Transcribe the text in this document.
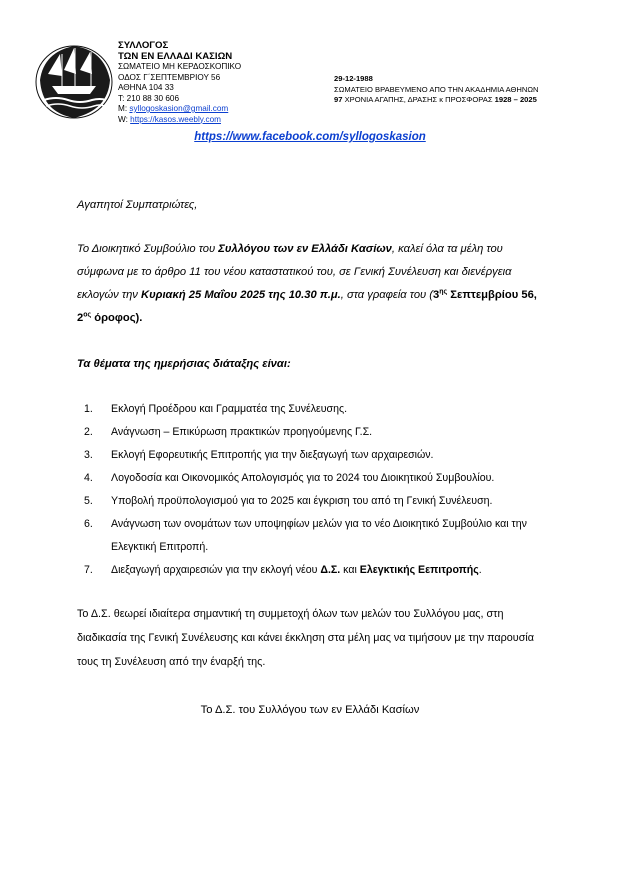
ΣΥΛΛΟΓΟΣ
ΤΩΝ ΕΝ ΕΛΛΑΔΙ ΚΑΣΙΩΝ
ΣΩΜΑΤΕΙΟ ΜΗ ΚΕΡΔΟΣΚΟΠΙΚΟ
ΟΔΟΣ Γ΄ΣΕΠΤΕΜΒΡΙΟΥ 56
ΑΘΗΝΑ 104 33
Τ: 210 88 30 606
M: syllogoskasion@gmail.com
W: https://kasos.weebly.com
29-12-1988
ΣΩΜΑΤΕΙΟ ΒΡΑΒΕΥΜΕΝΟ ΑΠΟ ΤΗΝ ΑΚΑΔΗΜΙΑ ΑΘΗΝΩΝ
97 ΧΡΟΝΙΑ ΑΓΑΠΗΣ, ΔΡΑΣΗΣ κ ΠΡΟΣΦΟΡΑΣ 1928 – 2025
https://www.facebook.com/syllogoskasion
Αγαπητοί Συμπατριώτες,
Το Διοικητικό Συμβούλιο του Συλλόγου των εν Ελλάδι Κασίων, καλεί όλα τα μέλη του σύμφωνα με το άρθρο 11 του νέου καταστατικού του, σε Γενική Συνέλευση και διενέργεια εκλογών την Κυριακή 25 Μαΐου 2025 της 10.30 π.μ., στα γραφεία του ($3^{\eta\varsigma}$ Σεπτεμβρίου 56, $2^{o\varsigma}$ όροφος).
Τα θέματα της ημερήσιας διάταξης είναι:
1. Εκλογή Προέδρου και Γραμματέα της Συνέλευσης.
2. Ανάγνωση – Επικύρωση πρακτικών προηγούμενης Γ.Σ.
3. Εκλογή Εφορευτικής Επιτροπής για την διεξαγωγή των αρχαιρεσιών.
4. Λογοδοσία και Οικονομικός Απολογισμός για το 2024 του Διοικητικού Συμβουλίου.
5. Υποβολή προϋπολογισμού για το 2025 και έγκριση του από τη Γενική Συνέλευση.
6. Ανάγνωση των ονομάτων των υποψηφίων μελών για το νέο Διοικητικό Συμβούλιο και την Ελεγκτική Επιτροπή.
7. Διεξαγωγή αρχαιρεσιών για την εκλογή νέου Δ.Σ. και Ελεγκτικής Εεπιτροπής.
Το Δ.Σ. θεωρεί ιδιαίτερα σημαντική τη συμμετοχή όλων των μελών του Συλλόγου μας, στη διαδικασία της Γενική Συνέλευσης και κάνει έκκληση στα μέλη μας να τιμήσουν με την παρουσία τους τη Συνέλευση από την έναρξή της.
Το Δ.Σ. του Συλλόγου των εν Ελλάδι Κασίων
